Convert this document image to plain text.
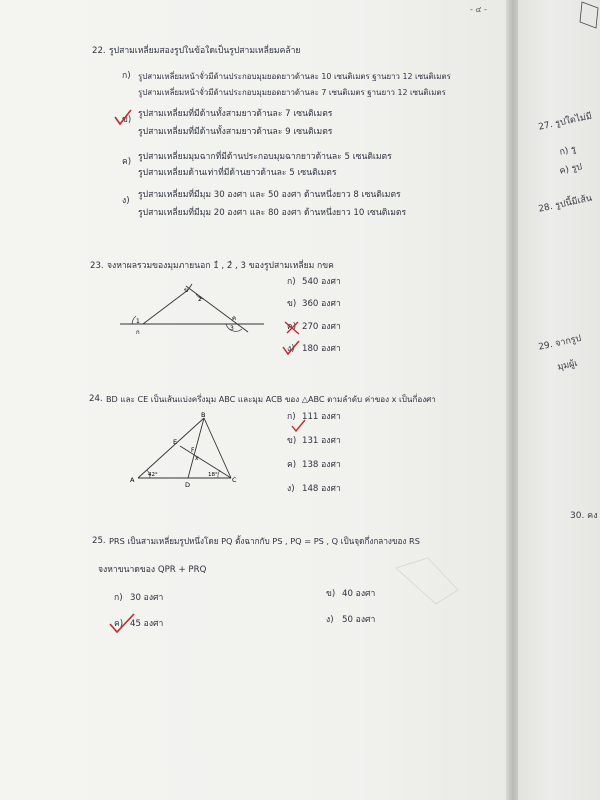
- ๔ -
22. รูปสามเหลี่ยมสองรูปในข้อใดเป็นรูปสามเหลี่ยมคล้าย
ก) รูปสามเหลี่ยมหน้าจั่วมีด้านประกอบมุมยอดยาวด้านละ 10 เซนติเมตร ฐานยาว 12 เซนติเมตร
รูปสามเหลี่ยมหน้าจั่วมีด้านประกอบมุมยอดยาวด้านละ 7 เซนติเมตร ฐานยาว 12 เซนติเมตร
ข)
รูปสามเหลี่ยมที่มีด้านทั้งสามยาวด้านละ 7 เซนติเมตร
รูปสามเหลี่ยมที่มีด้านทั้งสามยาวด้านละ 9 เซนติเมตร
ค) รูปสามเหลี่ยมมุมฉากที่มีด้านประกอบมุมฉากยาวด้านละ 5 เซนติเมตร
รูปสามเหลี่ยมด้านเท่าที่มีด้านยาวด้านละ 5 เซนติเมตร
ง)
รูปสามเหลี่ยมที่มีมุม 30 องศา และ 50 องศา ด้านหนึ่งยาว 8 เซนติเมตร
รูปสามเหลี่ยมที่มีมุม 20 องศา และ 80 องศา ด้านหนึ่งยาว 10 เซนติเมตร
23. จงหาผลรวมของมุมภายนอก 1̂ , 2̂ , 3 ของรูปสามเหลี่ยม กขค
ข
ก
ค
1
2
3
ก) 540 องศา
ข) 360 องศา
ค) 270 องศา
ง) 180 องศา
24. BD และ CE เป็นเส้นแบ่งครึ่งมุม ABC และมุม ACB ของ △ABC ตามลำดับ ค่าของ x เป็นกี่องศา
A
B
C
D
E
F
x
42°	18°
ก) 111 องศา
ข) 131 องศา
ค) 138 องศา
ง) 148 องศา
25. PRS เป็นสามเหลี่ยมรูปหนึ่งโดย PQ ตั้งฉากกับ PS , PQ = PS , Q เป็นจุดกึ่งกลางของ RS
จงหาขนาดของ QPR + PRQ
ก) 30 องศา	ข) 40 องศา
ค) 45 องศา	ง) 50 องศา
27. รูปใดไม่มี
ก) รู
ค) รูป
28. รูปนี้มีเส้น
29. จากรูป
มุมผู้เ
30. คง
